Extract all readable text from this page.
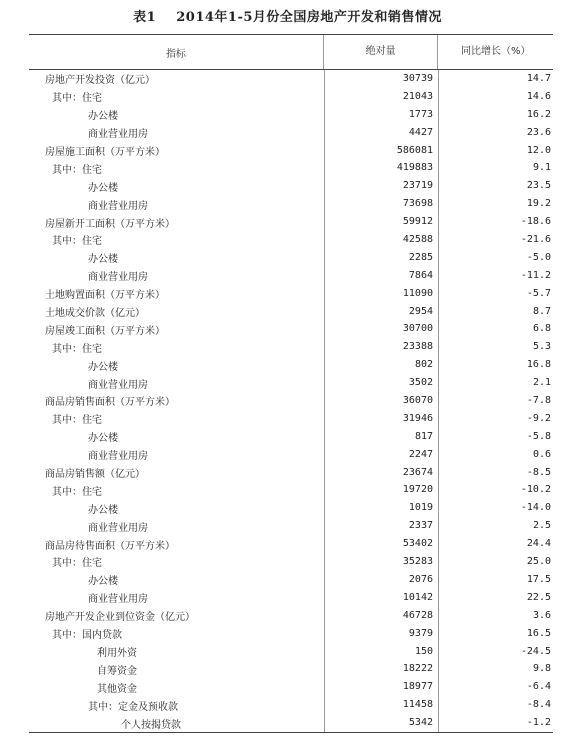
表1    2014年1-5月份全国房地产开发和销售情况
指标	绝对量	同比增长（%）
房地产开发投资（亿元）	30739	14.7
其中：住宅	21043	14.6
办公楼	1773	16.2
商业营业用房	4427	23.6
房屋施工面积（万平方米）	586081	12.0
其中：住宅	419883	9.1
办公楼	23719	23.5
商业营业用房	73698	19.2
房屋新开工面积（万平方米）	59912	-18.6
其中：住宅	42588	-21.6
办公楼	2285	-5.0
商业营业用房	7864	-11.2
土地购置面积（万平方米）	11090	-5.7
土地成交价款（亿元）	2954	8.7
房屋竣工面积（万平方米）	30700	6.8
其中：住宅	23388	5.3
办公楼	802	16.8
商业营业用房	3502	2.1
商品房销售面积（万平方米）	36070	-7.8
其中：住宅	31946	-9.2
办公楼	817	-5.8
商业营业用房	2247	0.6
商品房销售额（亿元）	23674	-8.5
其中：住宅	19720	-10.2
办公楼	1019	-14.0
商业营业用房	2337	2.5
商品房待售面积（万平方米）	53402	24.4
其中：住宅	35283	25.0
办公楼	2076	17.5
商业营业用房	10142	22.5
房地产开发企业到位资金（亿元）	46728	3.6
其中：国内贷款	9379	16.5
利用外资	150	-24.5
自筹资金	18222	9.8
其他资金	18977	-6.4
其中：定金及预收款	11458	-8.4
个人按揭贷款	5342	-1.2
